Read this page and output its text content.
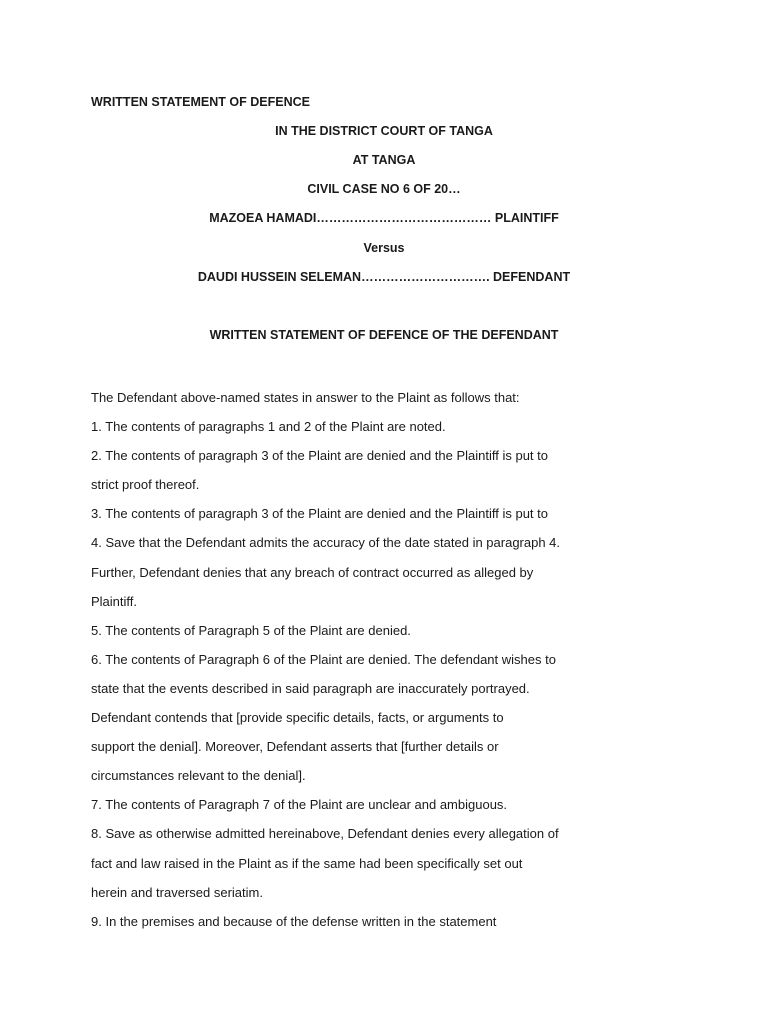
WRITTEN STATEMENT OF DEFENCE
IN THE DISTRICT COURT OF TANGA
AT TANGA
CIVIL CASE NO 6 OF 20…
MAZOEA HAMADI…………………………………… PLAINTIFF
Versus
DAUDI HUSSEIN SELEMAN…………………………. DEFENDANT
WRITTEN STATEMENT OF DEFENCE OF THE DEFENDANT
The Defendant above-named states in answer to the Plaint as follows that:
1. The contents of paragraphs 1 and 2 of the Plaint are noted.
2. The contents of paragraph 3 of the Plaint are denied and the Plaintiff is put to
strict proof thereof.
3. The contents of paragraph 3 of the Plaint are denied and the Plaintiff is put to
4. Save that the Defendant admits the accuracy of the date stated in paragraph 4.
Further, Defendant denies that any breach of contract occurred as alleged by
Plaintiff.
5. The contents of Paragraph 5 of the Plaint are denied.
6. The contents of Paragraph 6 of the Plaint are denied. The defendant wishes to
state that the events described in said paragraph are inaccurately portrayed.
Defendant contends that [provide specific details, facts, or arguments to
support the denial]. Moreover, Defendant asserts that [further details or
circumstances relevant to the denial].
7. The contents of Paragraph 7 of the Plaint are unclear and ambiguous.
8. Save as otherwise admitted hereinabove, Defendant denies every allegation of
fact and law raised in the Plaint as if the same had been specifically set out
herein and traversed seriatim.
9. In the premises and because of the defense written in the statement
